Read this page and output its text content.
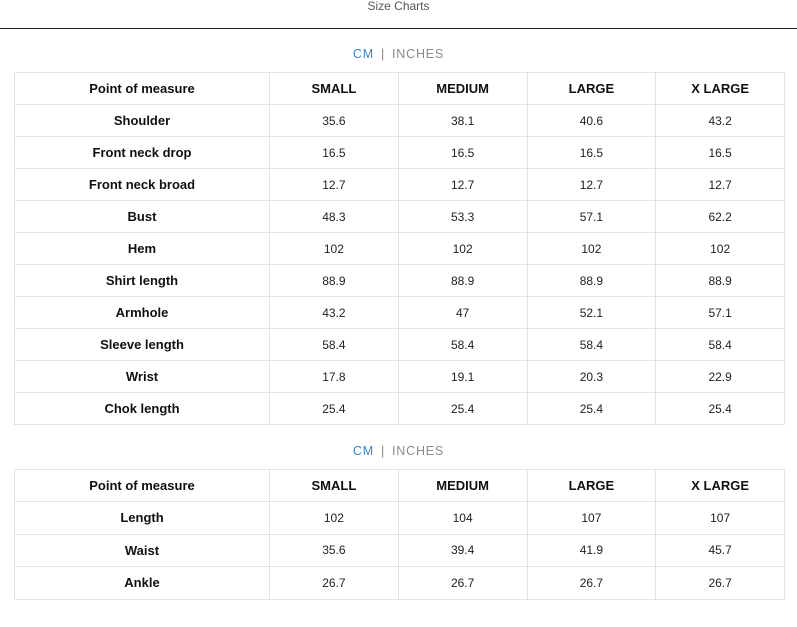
Size Charts
CM | INCHES
Point of measure	SMALL	MEDIUM	LARGE	X LARGE
Shoulder	35.6	38.1	40.6	43.2
Front neck drop	16.5	16.5	16.5	16.5
Front neck broad	12.7	12.7	12.7	12.7
Bust	48.3	53.3	57.1	62.2
Hem	102	102	102	102
Shirt length	88.9	88.9	88.9	88.9
Armhole	43.2	47	52.1	57.1
Sleeve length	58.4	58.4	58.4	58.4
Wrist	17.8	19.1	20.3	22.9
Chok length	25.4	25.4	25.4	25.4
CM | INCHES
Point of measure	SMALL	MEDIUM	LARGE	X LARGE
Length	102	104	107	107
Waist	35.6	39.4	41.9	45.7
Ankle	26.7	26.7	26.7	26.7
